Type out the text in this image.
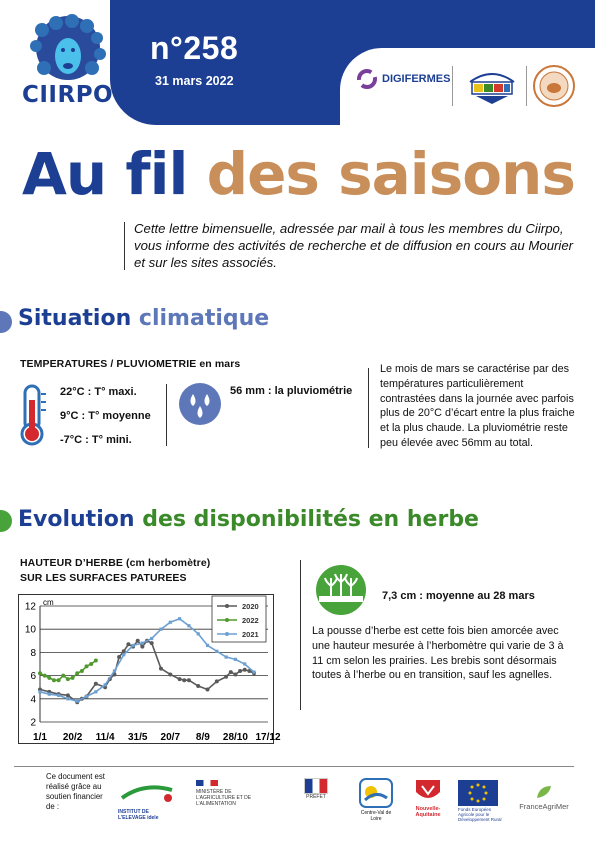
CIIRPO
n°258
31 mars 2022	DIGIFERMES
Au fil des saisons
Cette lettre bimensuelle, adressée par mail à tous les membres du Ciirpo, vous informe des activités de recherche et de diffusion en cours au Mourier et sur les sites associés.
Situation climatique
TEMPERATURES / PLUVIOMETRIE en mars
22°C : T° maxi.
9°C : T° moyenne
-7°C : T° mini.
56 mm : la pluviométrie
Le mois de mars se caractérise par des températures particulièrement contrastées dans la journée avec parfois plus de 20°C d’écart entre la plus fraiche et la plus chaude. La pluviométrie reste peu élevée avec 56mm au total.
Evolution des disponibilités en herbe
HAUTEUR D’HERBE (cm herbomètre)
SUR LES SURFACES PATUREES
2
4
6
8
10
12 cm
1/1 20/2 11/4 31/5 20/7 8/9 28/10 17/12
2020
2022
2021
7,3 cm : moyenne au 28 mars
La pousse d’herbe est cette fois bien amorcée avec une hauteur mesurée à l’herbomètre qui varie de 3 à 11 cm selon les prairies. Les brebis sont désormais toutes à l’herbe ou en transition, sauf les agnelles.
Ce document est réalisé grâce au soutien financier de :
INSTITUT DE L’ELEVAGE idele
MINISTÈRE DE L’AGRICULTURE ET DE L’ALIMENTATION
PRÉFET
Centre-Val de Loire
Nouvelle-Aquitaine
Fonds Européen Agricole pour le Développement Rural
FranceAgriMer
